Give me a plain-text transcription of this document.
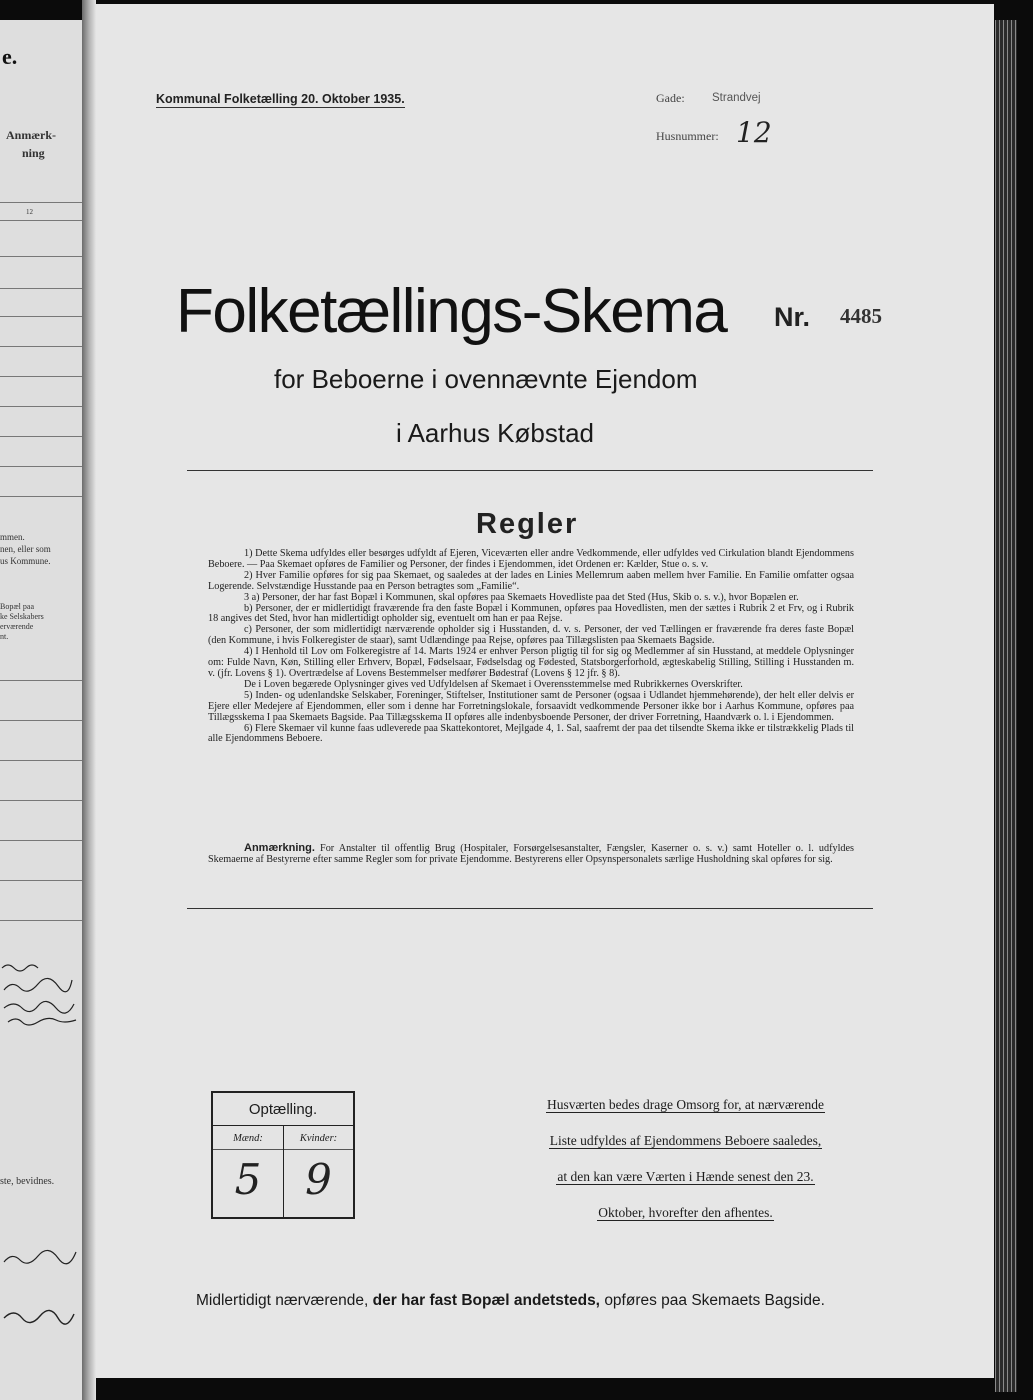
e.
Anmærk-
ning
12
mmen.
nen, eller som
us Kommune.
Bopæl paa
ke Selskabers
erværende
nt.
ste, bevidnes.
Kommunal Folketælling 20. Oktober 1935.	Gade: Strandvej
Husnummer: 12
Folketællings-Skema Nr. 4485
for Beboerne i ovennævnte Ejendom
i Aarhus Købstad
Regler

1) Dette Skema udfyldes eller besørges udfyldt af Ejeren, Viceværten eller andre Vedkommende, eller udfyldes ved Cirkulation blandt Ejendommens Beboere. — Paa Skemaet opføres de Familier og Personer, der findes i Ejendommen, idet Ordenen er: Kælder, Stue o. s. v.

2) Hver Familie opføres for sig paa Skemaet, og saaledes at der lades en Linies Mellemrum aaben mellem hver Familie. En Familie omfatter ogsaa Logerende. Selvstændige Husstande paa en Person betragtes som „Familie“.

3 a) Personer, der har fast Bopæl i Kommunen, skal opføres paa Skemaets Hovedliste paa det Sted (Hus, Skib o. s. v.), hvor Bopælen er.

b) Personer, der er midlertidigt fraværende fra den faste Bopæl i Kommunen, opføres paa Hovedlisten, men der sættes i Rubrik 2 et Frv, og i Rubrik 18 angives det Sted, hvor han midlertidigt opholder sig, eventuelt om han er paa Rejse.

c) Personer, der som midlertidigt nærværende opholder sig i Husstanden, d. v. s. Personer, der ved Tællingen er fraværende fra deres faste Bopæl (den Kommune, i hvis Folkeregister de staar), samt Udlændinge paa Rejse, opføres paa Tillægslisten paa Skemaets Bagside.

4) I Henhold til Lov om Folkeregistre af 14. Marts 1924 er enhver Person pligtig til for sig og Medlemmer af sin Husstand, at meddele Oplysninger om: Fulde Navn, Køn, Stilling eller Erhverv, Bopæl, Fødselsaar, Fødselsdag og Fødested, Statsborgerforhold, ægteskabelig Stilling, Stilling i Husstanden m. v. (jfr. Lovens § 1). Overtrædelse af Lovens Bestemmelser medfører Bødestraf (Lovens § 12 jfr. § 8).

De i Loven begærede Oplysninger gives ved Udfyldelsen af Skemaet i Overensstemmelse med Rubrikkernes Overskrifter.

5) Inden- og udenlandske Selskaber, Foreninger, Stiftelser, Institutioner samt de Personer (ogsaa i Udlandet hjemmehørende), der helt eller delvis er Ejere eller Medejere af Ejendommen, eller som i denne har Forretningslokale, forsaavidt vedkommende Personer ikke bor i Aarhus Kommune, opføres paa Tillægsskema I paa Skemaets Bagside. Paa Tillægsskema II opføres alle indenbysboende Personer, der driver Forretning, Haandværk o. l. i Ejendommen.

6) Flere Skemaer vil kunne faas udleverede paa Skattekontoret, Mejlgade 4, 1. Sal, saafremt der paa det tilsendte Skema ikke er tilstrækkelig Plads til alle Ejendommens Beboere.

Anmærkning. For Anstalter til offentlig Brug (Hospitaler, Forsørgelsesanstalter, Fængsler, Kaserner o. s. v.) samt Hoteller o. l. udfyldes Skemaerne af Bestyrerne efter samme Regler som for private Ejendomme. Bestyrerens eller Opsynspersonalets særlige Husholdning skal opføres for sig.

Optælling.
Mænd:	Kvinder:
5	9
Husværten bedes drage Omsorg for, at nærværende
Liste udfyldes af Ejendommens Beboere saaledes,
at den kan være Værten i Hænde senest den 23.
Oktober, hvorefter den afhentes.
Midlertidigt nærværende, der har fast Bopæl andetsteds, opføres paa Skemaets Bagside.
